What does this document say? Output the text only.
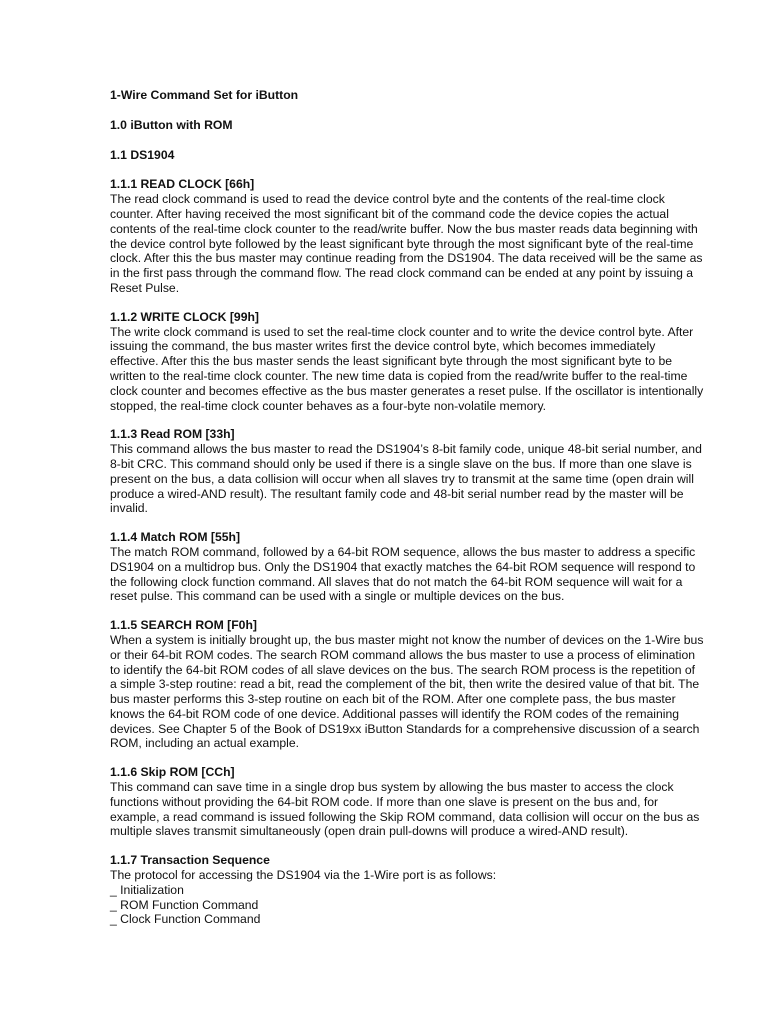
1-Wire Command Set for iButton

1.0 iButton with ROM

1.1 DS1904

1.1.1 READ CLOCK [66h]

The read clock command is used to read the device control byte and the contents of the real-time clock counter. After having received the most significant bit of the command code the device copies the actual contents of the real-time clock counter to the read/write buffer. Now the bus master reads data beginning with the device control byte followed by the least significant byte through the most significant byte of the real-time clock. After this the bus master may continue reading from the DS1904. The data received will be the same as in the first pass through the command flow. The read clock command can be ended at any point by issuing a Reset Pulse.

1.1.2 WRITE CLOCK [99h]

The write clock command is used to set the real-time clock counter and to write the device control byte. After issuing the command, the bus master writes first the device control byte, which becomes immediately effective. After this the bus master sends the least significant byte through the most significant byte to be written to the real-time clock counter. The new time data is copied from the read/write buffer to the real-time clock counter and becomes effective as the bus master generates a reset pulse. If the oscillator is intentionally stopped, the real-time clock counter behaves as a four-byte non-volatile memory.

1.1.3 Read ROM [33h]

This command allows the bus master to read the DS1904’s 8-bit family code, unique 48-bit serial number, and 8-bit CRC. This command should only be used if there is a single slave on the bus. If more than one slave is present on the bus, a data collision will occur when all slaves try to transmit at the same time (open drain will produce a wired-AND result). The resultant family code and 48-bit serial number read by the master will be invalid.

1.1.4 Match ROM [55h]

The match ROM command, followed by a 64-bit ROM sequence, allows the bus master to address a specific DS1904 on a multidrop bus. Only the DS1904 that exactly matches the 64-bit ROM sequence will respond to the following clock function command. All slaves that do not match the 64-bit ROM sequence will wait for a reset pulse. This command can be used with a single or multiple devices on the bus.

1.1.5 SEARCH ROM [F0h]

When a system is initially brought up, the bus master might not know the number of devices on the 1-Wire bus or their 64-bit ROM codes. The search ROM command allows the bus master to use a process of elimination to identify the 64-bit ROM codes of all slave devices on the bus. The search ROM process is the repetition of a simple 3-step routine: read a bit, read the complement of the bit, then write the desired value of that bit. The bus master performs this 3-step routine on each bit of the ROM. After one complete pass, the bus master knows the 64-bit ROM code of one device. Additional passes will identify the ROM codes of the remaining devices. See Chapter 5 of the Book of DS19xx iButton Standards for a comprehensive discussion of a search ROM, including an actual example.

1.1.6 Skip ROM [CCh]

This command can save time in a single drop bus system by allowing the bus master to access the clock functions without providing the 64-bit ROM code. If more than one slave is present on the bus and, for example, a read command is issued following the Skip ROM command, data collision will occur on the bus as multiple slaves transmit simultaneously (open drain pull-downs will produce a wired-AND result).

1.1.7 Transaction Sequence

The protocol for accessing the DS1904 via the 1-Wire port is as follows:

_ Initialization
_ ROM Function Command
_ Clock Function Command
